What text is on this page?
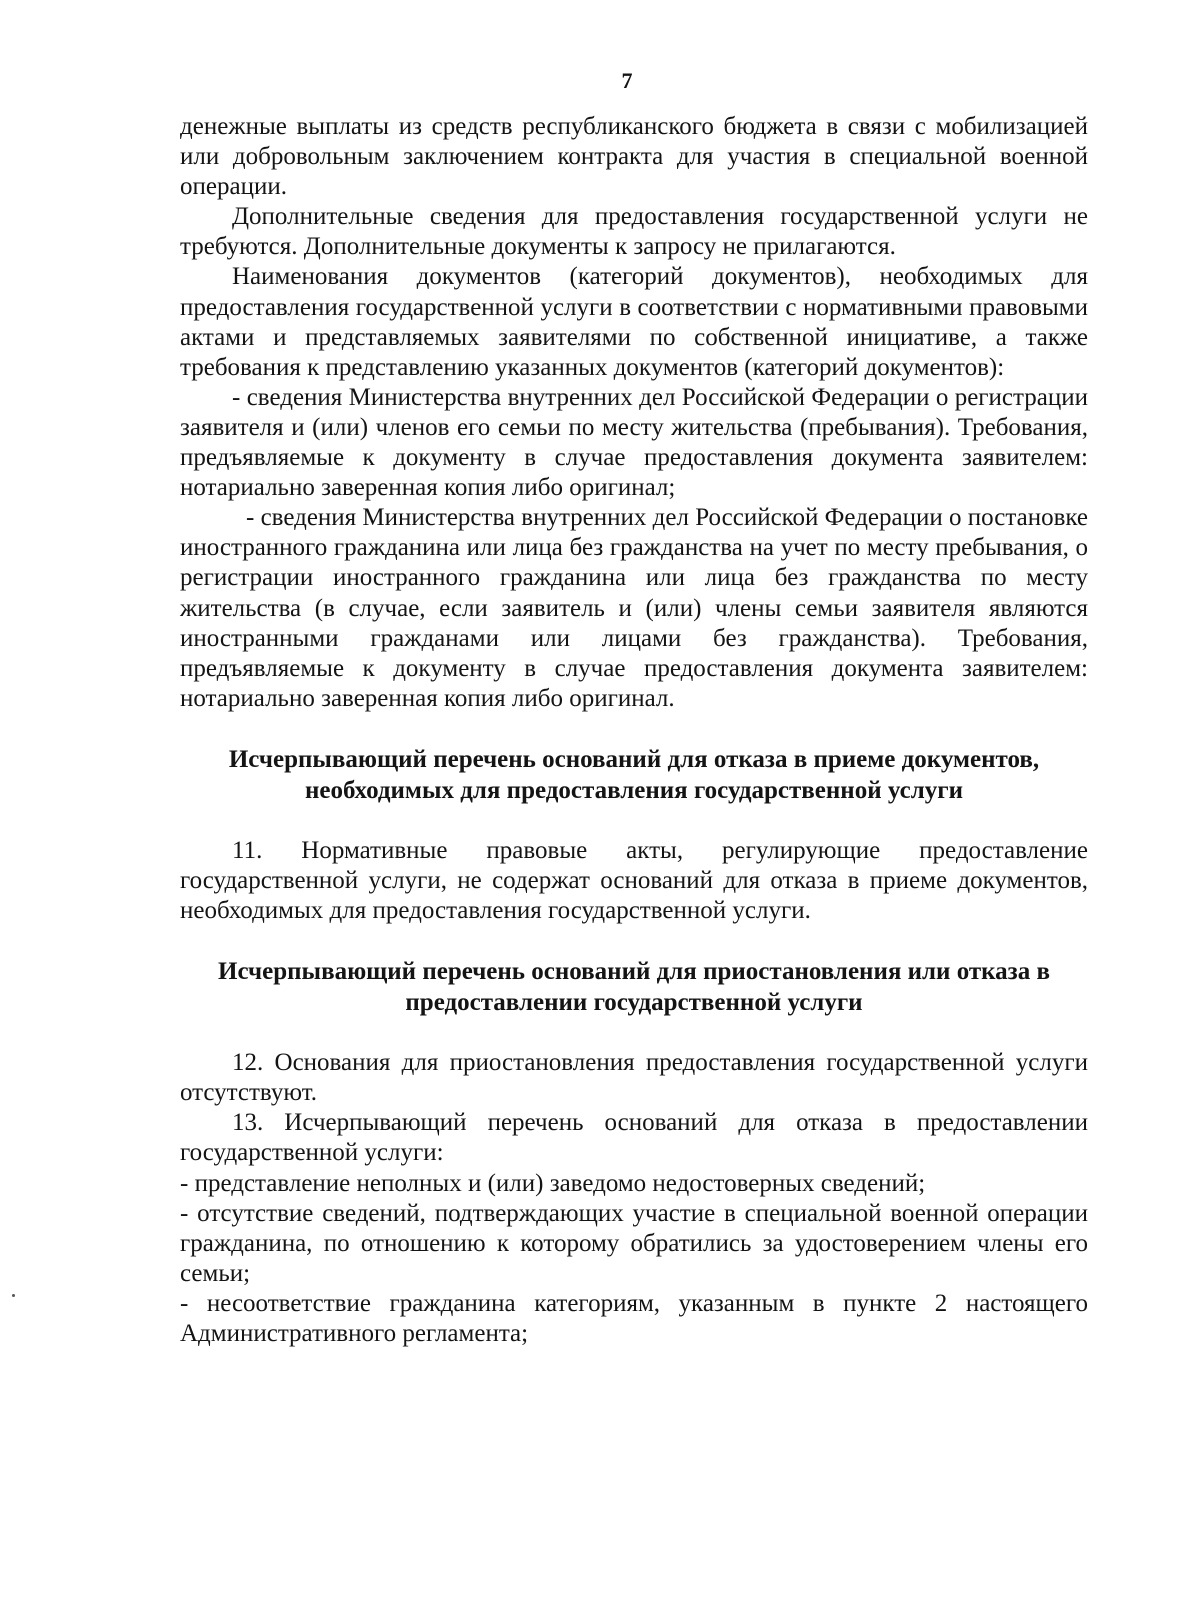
7

денежные выплаты из средств республиканского бюджета в связи с мобилизацией или добровольным заключением контракта для участия в специальной военной операции.

Дополнительные сведения для предоставления государственной услуги не требуются. Дополнительные документы к запросу не прилагаются.

Наименования документов (категорий документов), необходимых для предоставления государственной услуги в соответствии с нормативными правовыми актами и представляемых заявителями по собственной инициативе, а также требования к представлению указанных документов (категорий документов):

- сведения Министерства внутренних дел Российской Федерации о регистрации заявителя и (или) членов его семьи по месту жительства (пребывания). Требования, предъявляемые к документу в случае предоставления документа заявителем: нотариально заверенная копия либо оригинал;

- сведения Министерства внутренних дел Российской Федерации о постановке иностранного гражданина или лица без гражданства на учет по месту пребывания, о регистрации иностранного гражданина или лица без гражданства по месту жительства (в случае, если заявитель и (или) члены семьи заявителя являются иностранными гражданами или лицами без гражданства). Требования, предъявляемые к документу в случае предоставления документа заявителем: нотариально заверенная копия либо оригинал.

Исчерпывающий перечень оснований для отказа в приеме документов, необходимых для предоставления государственной услуги

11. Нормативные правовые акты, регулирующие предоставление государственной услуги, не содержат оснований для отказа в приеме документов, необходимых для предоставления государственной услуги.

Исчерпывающий перечень оснований для приостановления или отказа в предоставлении государственной услуги

12. Основания для приостановления предоставления государственной услуги отсутствуют.

13. Исчерпывающий перечень оснований для отказа в предоставлении государственной услуги:

- представление неполных и (или) заведомо недостоверных сведений;

- отсутствие сведений, подтверждающих участие в специальной военной операции гражданина, по отношению к которому обратились за удостоверением члены его семьи;

- несоответствие гражданина категориям, указанным в пункте 2 настоящего Административного регламента;
